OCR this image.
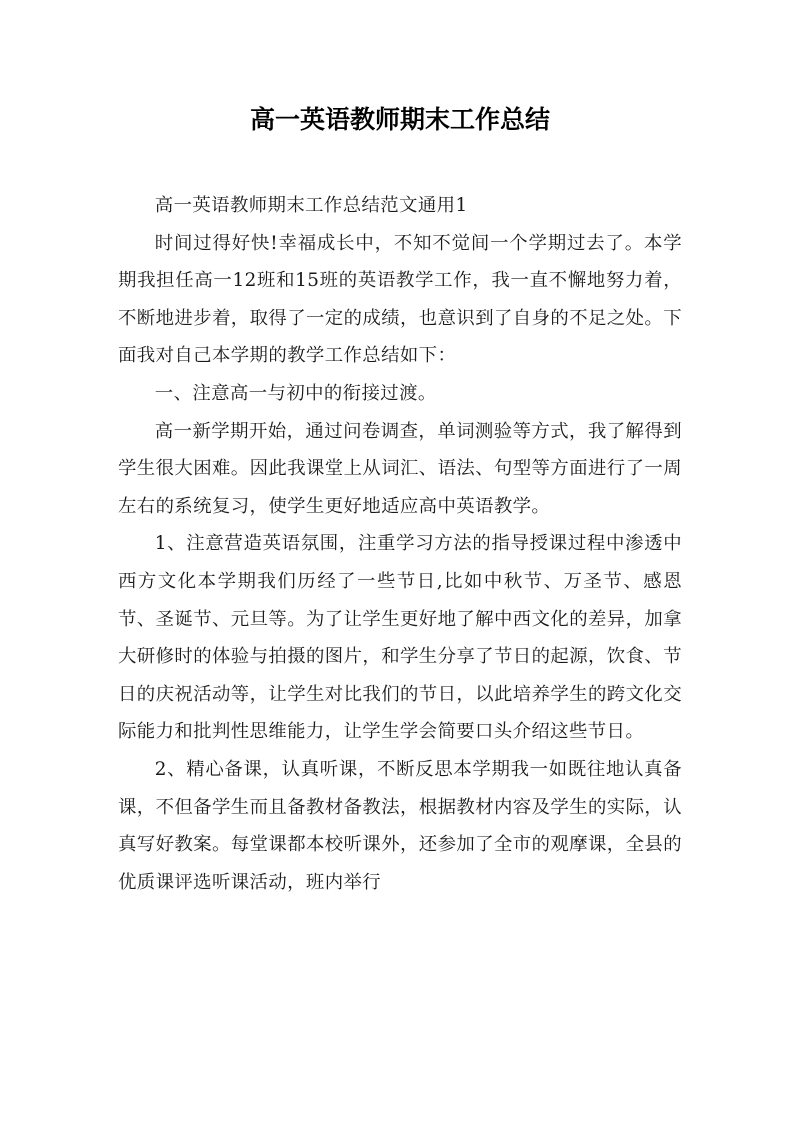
高一英语教师期末工作总结

高一英语教师期末工作总结范文通用1

时间过得好快!幸福成长中，不知不觉间一个学期过去了。本学期我担任高一12班和15班的英语教学工作，我一直不懈地努力着，不断地进步着，取得了一定的成绩，也意识到了自身的不足之处。下面我对自己本学期的教学工作总结如下：

一、注意高一与初中的衔接过渡。

高一新学期开始，通过问卷调查，单词测验等方式，我了解得到学生很大困难。因此我课堂上从词汇、语法、句型等方面进行了一周左右的系统复习，使学生更好地适应高中英语教学。

1、注意营造英语氛围，注重学习方法的指导授课过程中渗透中西方文化本学期我们历经了一些节日,比如中秋节、万圣节、感恩节、圣诞节、元旦等。为了让学生更好地了解中西文化的差异，加拿大研修时的体验与拍摄的图片，和学生分享了节日的起源，饮食、节日的庆祝活动等，让学生对比我们的节日，以此培养学生的跨文化交际能力和批判性思维能力，让学生学会简要口头介绍这些节日。

2、精心备课，认真听课，不断反思本学期我一如既往地认真备课，不但备学生而且备教材备教法，根据教材内容及学生的实际，认真写好教案。每堂课都本校听课外，还参加了全市的观摩课，全县的优质课评选听课活动，班内举行
